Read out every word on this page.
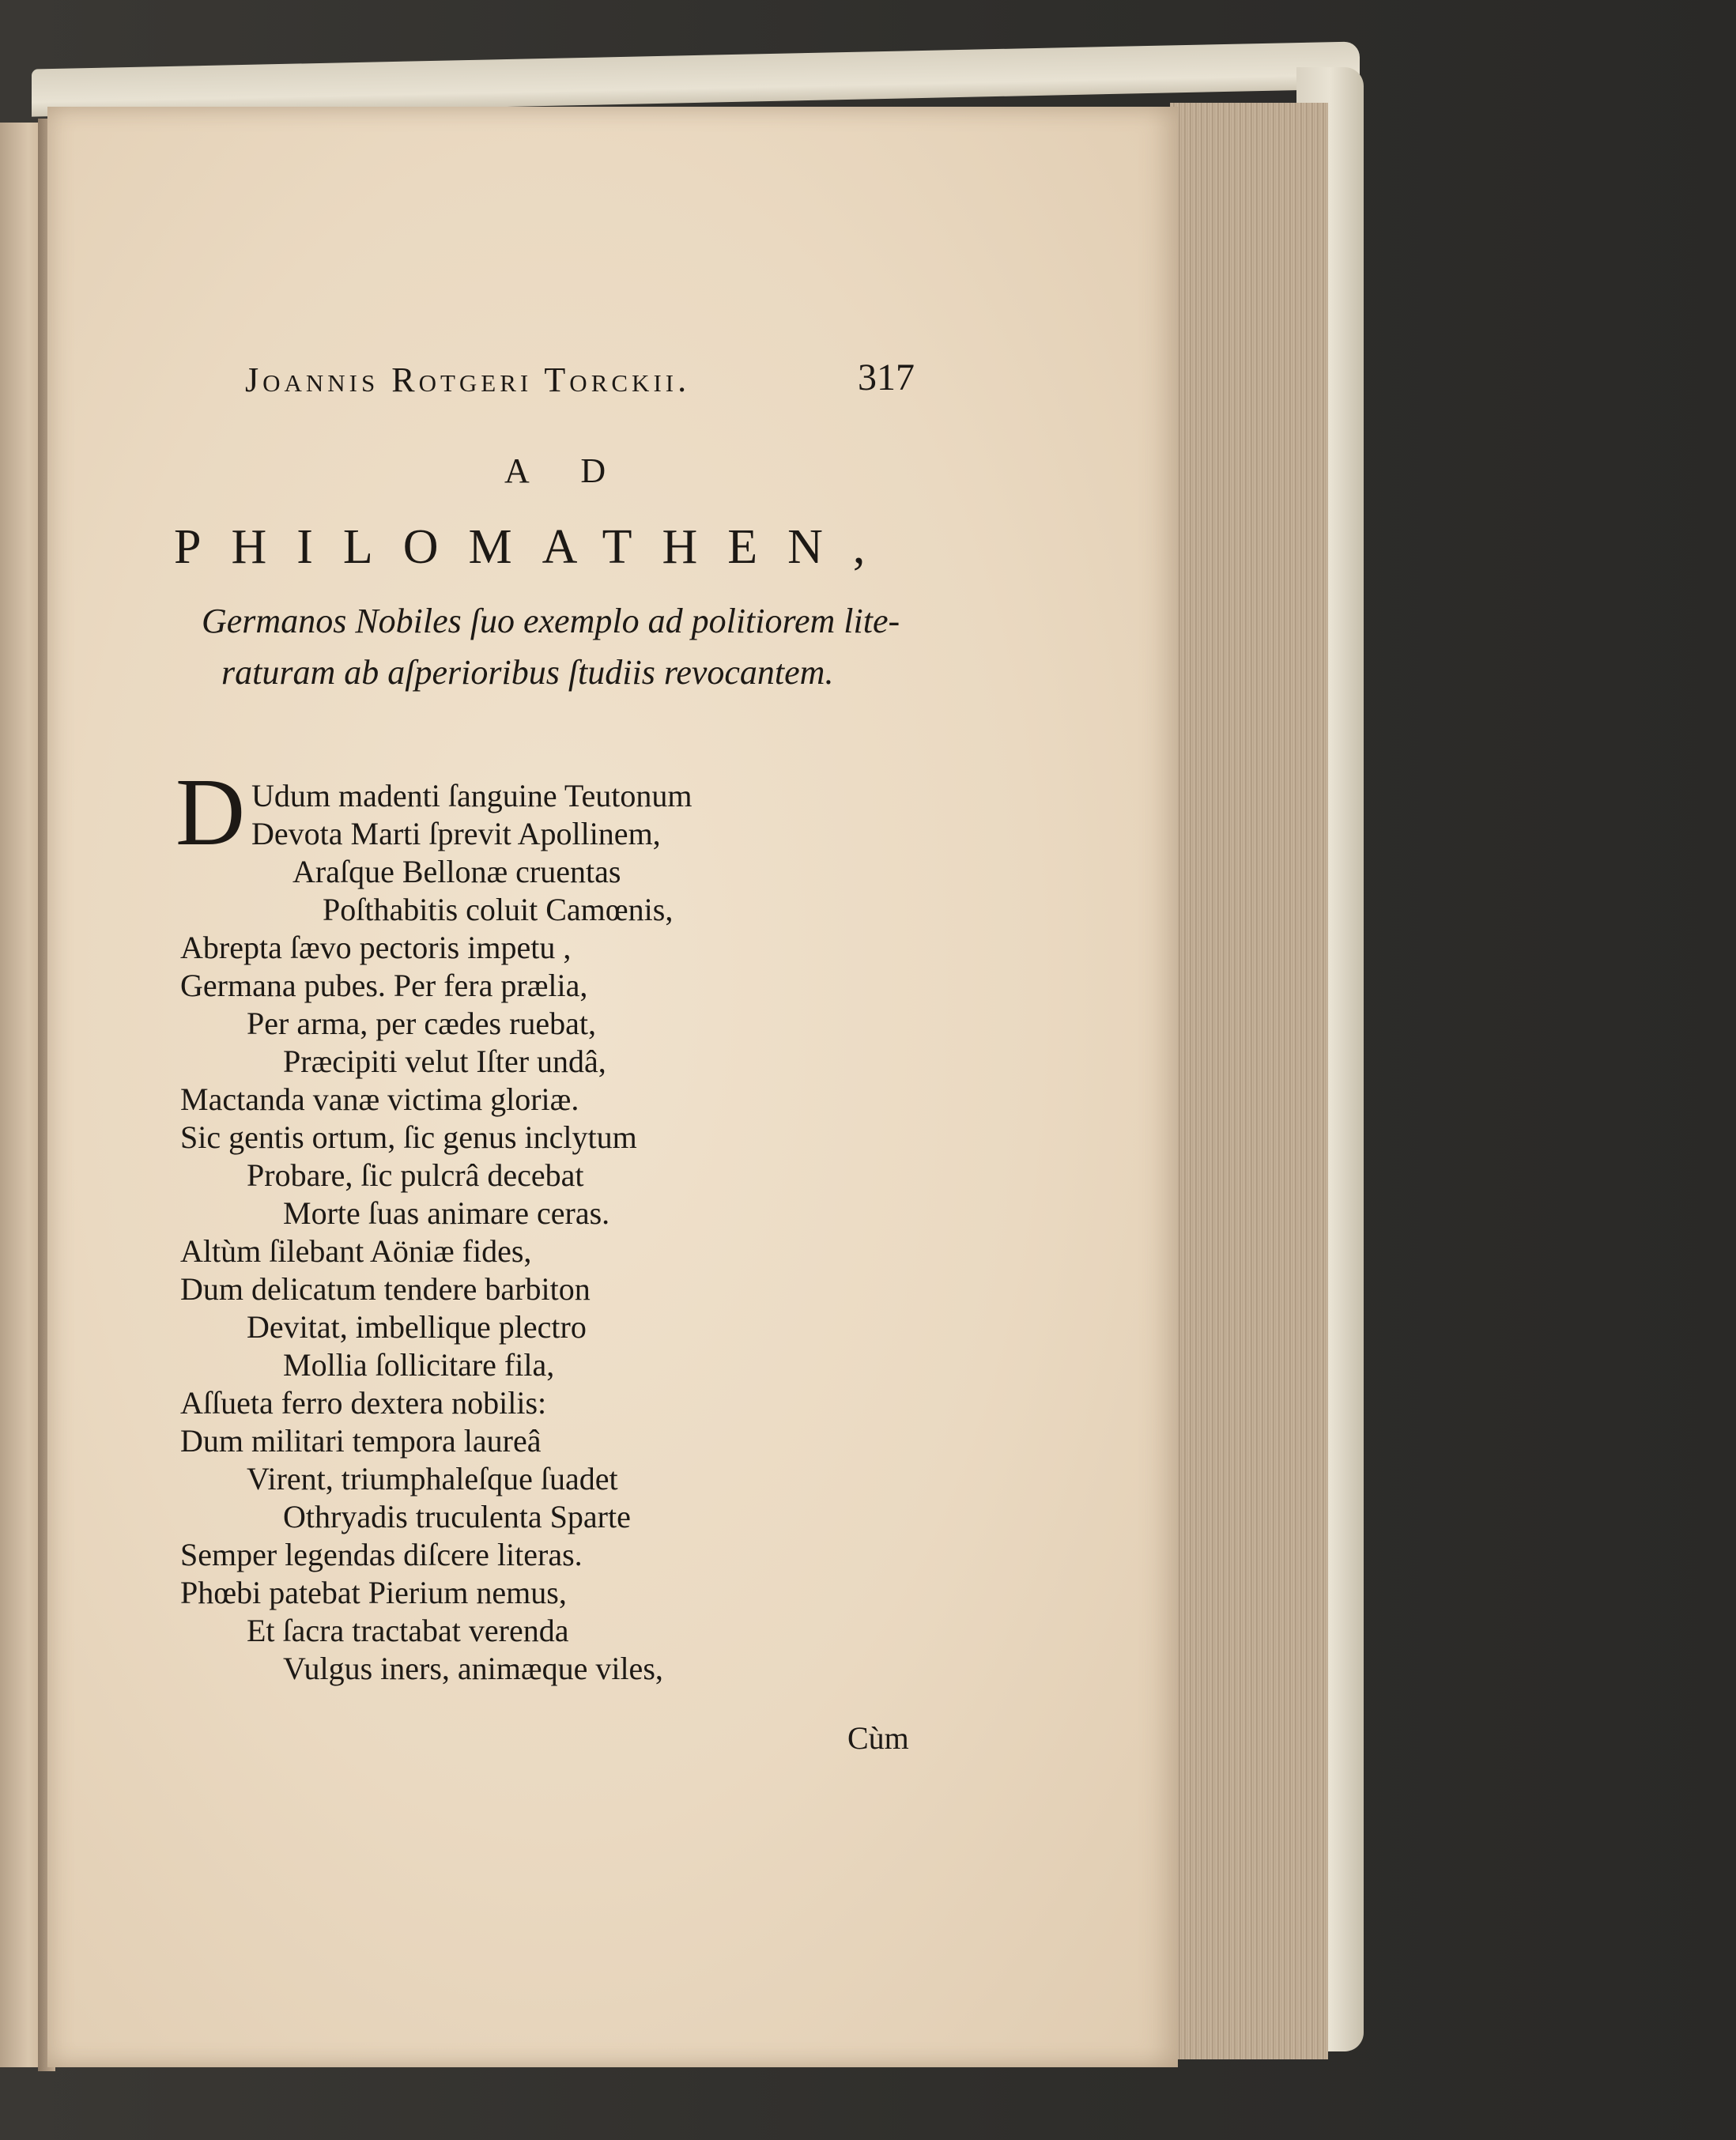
Joannis Rotgeri Torckii.	317
A D
PHILOMATHEN,
Germanos Nobiles ſuo exemplo ad politiorem lite-
raturam ab aſperioribus ſtudiis revocantem.
D Udum madenti ſanguine Teutonum
Devota Marti ſprevit Apollinem,
Araſque Bellonæ cruentas
Poſthabitis coluit Camœnis,
Abrepta ſævo pectoris impetu ,
Germana pubes. Per fera prælia,
Per arma, per cædes ruebat,
Præcipiti velut Iſter undâ,
Mactanda vanæ victima gloriæ.
Sic gentis ortum, ſic genus inclytum
Probare, ſic pulcrâ decebat
Morte ſuas animare ceras.
Altùm ſilebant Aöniæ fides,
Dum delicatum tendere barbiton
Devitat, imbellique plectro
Mollia ſollicitare fila,
Aſſueta ferro dextera nobilis:
Dum militari tempora laureâ
Virent, triumphaleſque ſuadet
Othryadis truculenta Sparte
Semper legendas diſcere literas.
Phœbi patebat Pierium nemus,
Et ſacra tractabat verenda
Vulgus iners, animæque viles,
Cùm
